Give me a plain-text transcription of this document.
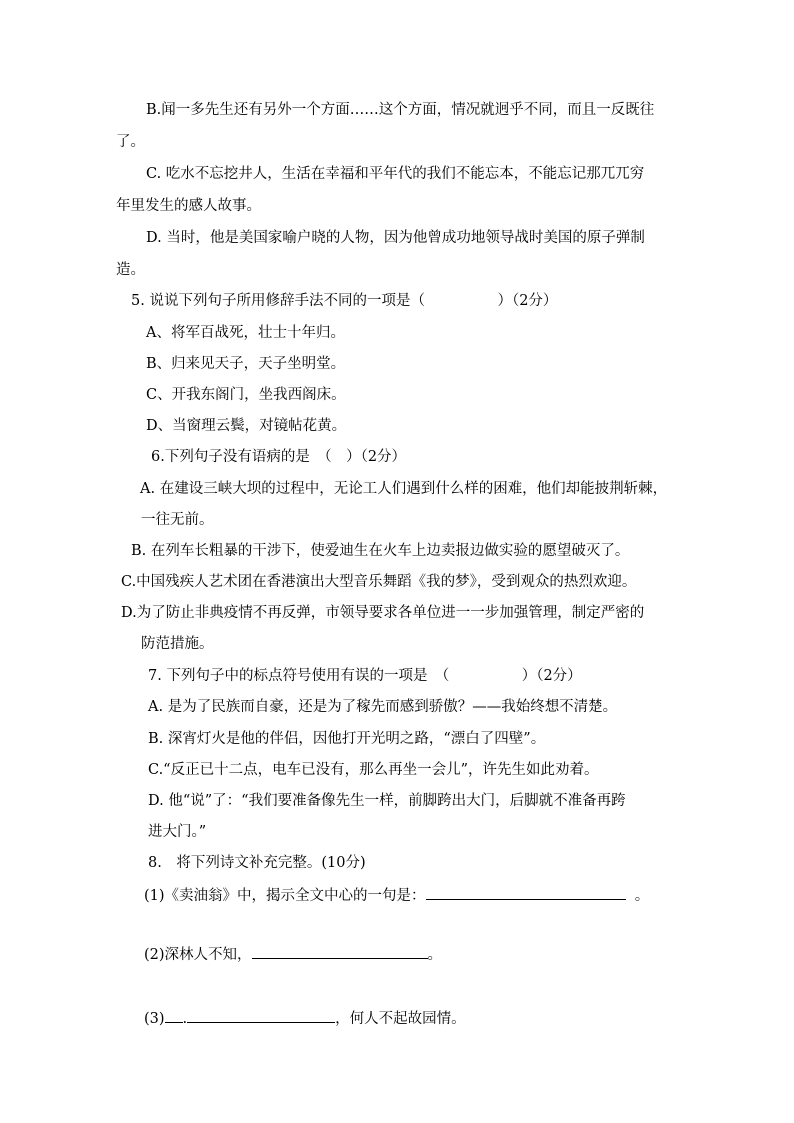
B.闻一多先生还有另外一个方面……这个方面，情况就迥乎不同，而且一反既往

了。

C. 吃水不忘挖井人，生活在幸福和平年代的我们不能忘本，不能忘记那兀兀穷

年里发生的感人故事。

D. 当时，他是美国家喻户晓的人物，因为他曾成功地领导战时美国的原子弹制

造。

5. 说说下列句子所用修辞手法不同的一项是（　　　　　）（2分）

A、将军百战死，壮士十年归。

B、归来见天子，天子坐明堂。

C、开我东阁门，坐我西阁床。

D、当窗理云鬓，对镜帖花黄。

6.下列句子没有语病的是　（　）（2分）

A. 在建设三峡大坝的过程中，无论工人们遇到什么样的困难，他们却能披荆斩棘，

一往无前。

B. 在列车长粗暴的干涉下，使爱迪生在火车上边卖报边做实验的愿望破灭了。

C.中国残疾人艺术团在香港演出大型音乐舞蹈《我的梦》，受到观众的热烈欢迎。

D.为了防止非典疫情不再反弹，市领导要求各单位进一一步加强管理，制定严密的

防范措施。

7. 下列句子中的标点符号使用有误的一项是　（　　　　　）（2分）

A. 是为了民族而自豪，还是为了稼先而感到骄傲？——我始终想不清楚。

B. 深宵灯火是他的伴侣，因他打开光明之路，“漂白了四壁”。

C.“反正已十二点，电车已没有，那么再坐一会儿”，许先生如此劝着。

D. 他“说”了：“我们要准备像先生一样，前脚跨出大门，后脚就不准备再跨

进大门。”

8.　将下列诗文补充完整。(10分)

(1)《卖油翁》中，揭示全文中心的一句是：	。

(2)深林人不知，	。

(3) .	，何人不起故园情。
